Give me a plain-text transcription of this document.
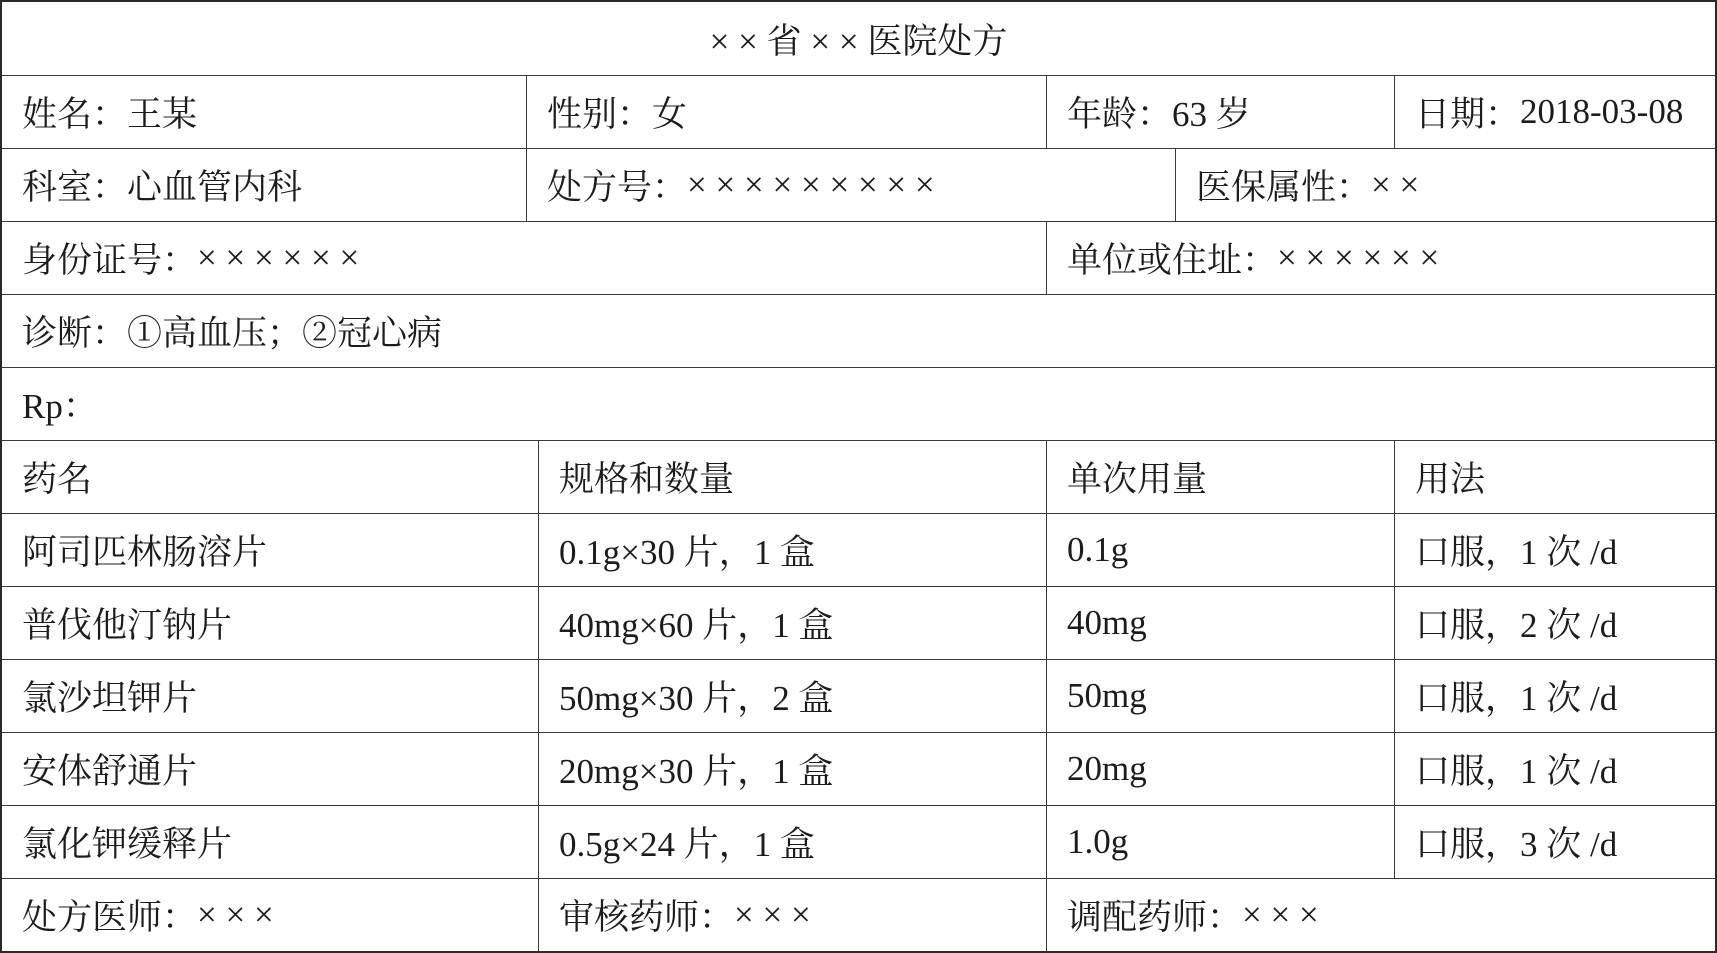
× × 省 × × 医院处方
姓名： 王某	性别： 女	年龄： 63 岁	日期： 2018-03-08
科室： 心血管内科	处方号： × × × × × × × × ×	医保属性： × ×
身份证号： × × × × × ×	单位或住址： × × × × × ×
诊断： ①高血压；②冠心病
Rp：
药名	规格和数量	单次用量	用法
阿司匹林肠溶片	0.1g×30 片，1 盒	0.1g	口服，1 次 /d
普伐他汀钠片	40mg×60 片，1 盒	40mg	口服，2 次 /d
氯沙坦钾片	50mg×30 片，2 盒	50mg	口服，1 次 /d
安体舒通片	20mg×30 片，1 盒	20mg	口服，1 次 /d
氯化钾缓释片	0.5g×24 片，1 盒	1.0g	口服，3 次 /d
处方医师： × × ×	审核药师： × × ×	调配药师： × × ×
